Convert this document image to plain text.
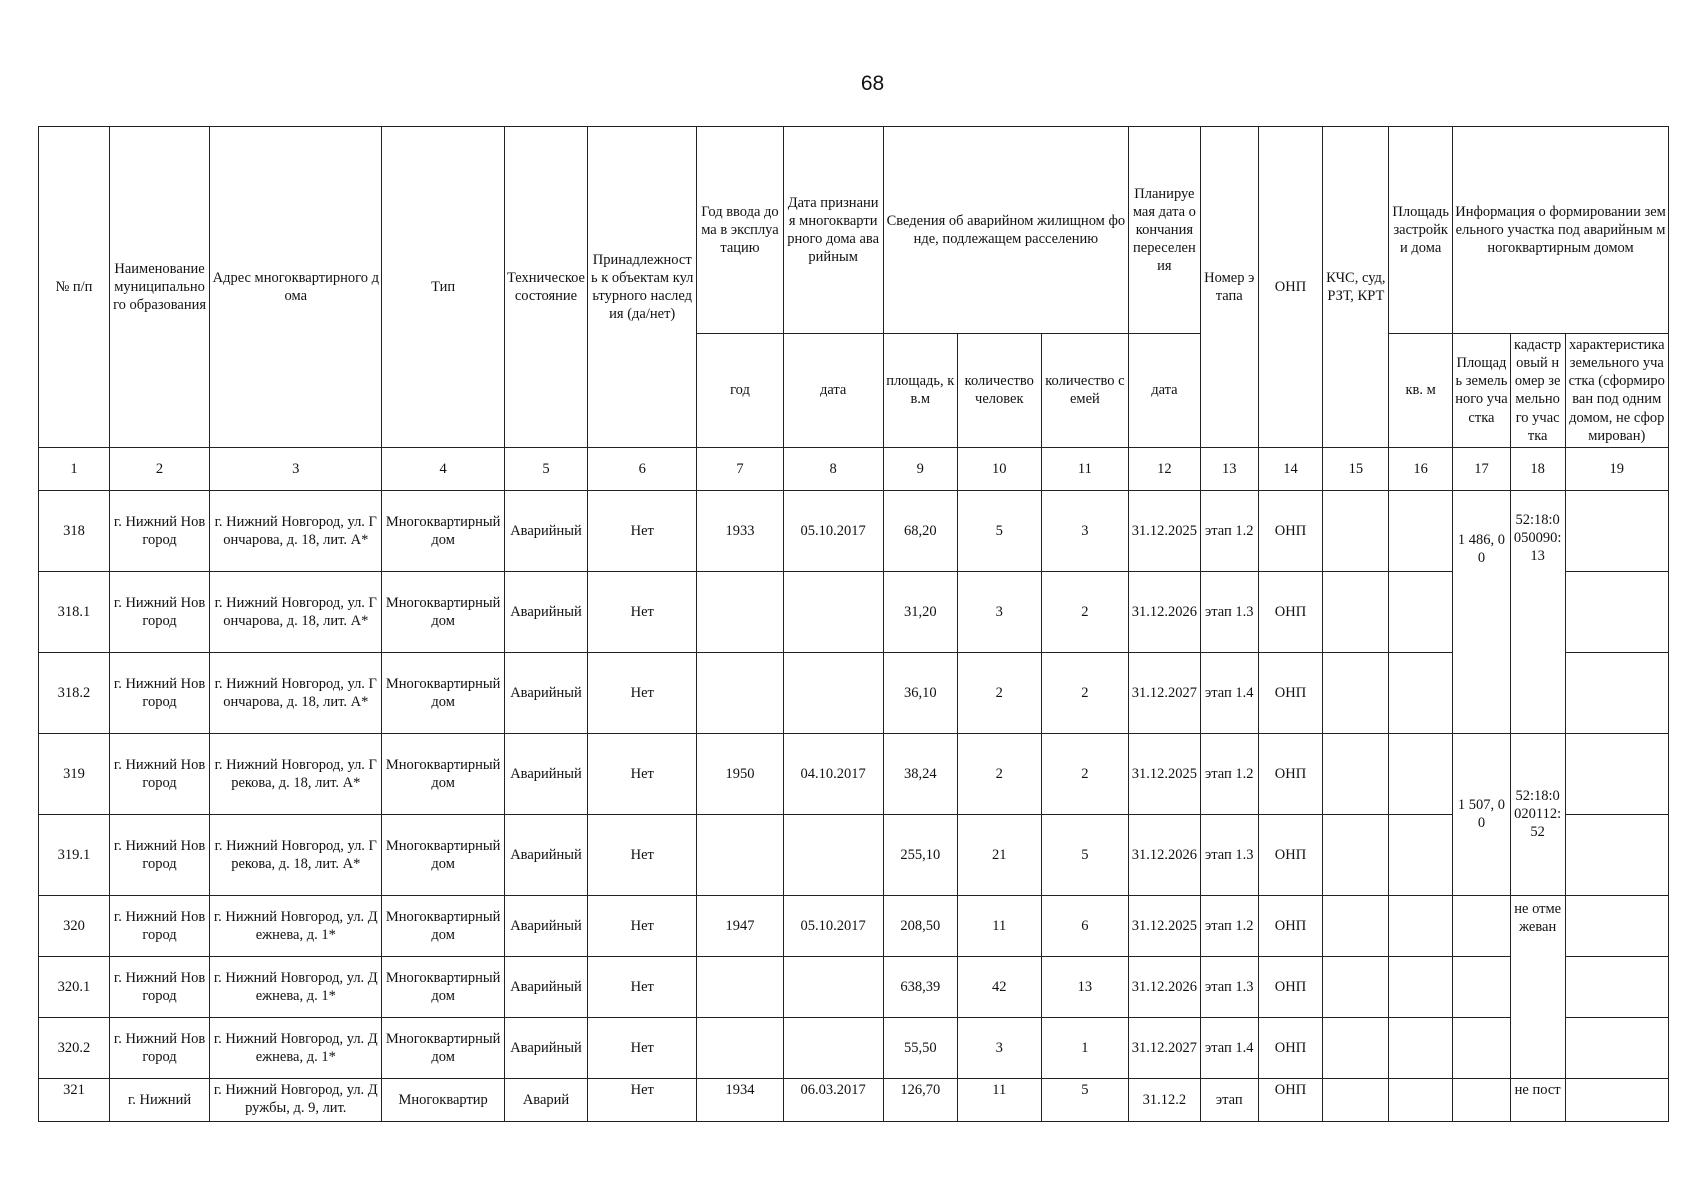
68
№ п/п	Наименование муниципального образования	Адрес многоквартирного дома	Тип	Техническое состояние	Принадлежность к объектам культурного наследия (да/нет)	Год ввода дома в эксплуатацию	Дата признания многоквартирного дома аварийным	Сведения об аварийном жилищном фонде, подлежащем расселению			Планируемая дата окончания переселения	Номер этапа	ОНП	КЧС, суд, РЗТ, КРТ	Площадь застройки дома	Информация о формировании земельного участка под аварийным многоквартирным домом		
						год	дата	площадь, кв.м	количество человек	количество семей	дата				кв. м	Площадь земельного участка	кадастровый номер земельного участка	характеристика земельного участка (сформирован под одним домом, не сформирован)
1	2	3	4	5	6	7	8	9	10	11	12	13	14	15	16	17	18	19
318	г. Нижний Новгород	г. Нижний Новгород, ул. Гончарова, д. 18, лит. А*	Многоквартирный дом	Аварийный	Нет	1933	05.10.2017	68,20	5	3	31.12.2025	этап 1.2	ОНП			1 486, 00	52:18:0050090:13	
318.1	г. Нижний Новгород	г. Нижний Новгород, ул. Гончарова, д. 18, лит. А*	Многоквартирный дом	Аварийный	Нет			31,20	3	2	31.12.2026	этап 1.3	ОНП					
318.2	г. Нижний Новгород	г. Нижний Новгород, ул. Гончарова, д. 18, лит. А*	Многоквартирный дом	Аварийный	Нет			36,10	2	2	31.12.2027	этап 1.4	ОНП					
319	г. Нижний Новгород	г. Нижний Новгород, ул. Грекова, д. 18, лит. А*	Многоквартирный дом	Аварийный	Нет	1950	04.10.2017	38,24	2	2	31.12.2025	этап 1.2	ОНП			1 507, 00	52:18:0020112:52	
319.1	г. Нижний Новгород	г. Нижний Новгород, ул. Грекова, д. 18, лит. А*	Многоквартирный дом	Аварийный	Нет			255,10	21	5	31.12.2026	этап 1.3	ОНП					
320	г. Нижний Новгород	г. Нижний Новгород, ул. Дежнева, д. 1*	Многоквартирный дом	Аварийный	Нет	1947	05.10.2017	208,50	11	6	31.12.2025	этап 1.2	ОНП				не отмежеван	
320.1	г. Нижний Новгород	г. Нижний Новгород, ул. Дежнева, д. 1*	Многоквартирный дом	Аварийный	Нет			638,39	42	13	31.12.2026	этап 1.3	ОНП					
320.2	г. Нижний Новгород	г. Нижний Новгород, ул. Дежнева, д. 1*	Многоквартирный дом	Аварийный	Нет			55,50	3	1	31.12.2027	этап 1.4	ОНП					
321	г. Нижний	г. Нижний Новгород, ул. Дружбы, д. 9, лит.	Многоквартир	Аварий	Нет	1934	06.03.2017	126,70	11	5	31.12.2	этап	ОНП				не пост	
